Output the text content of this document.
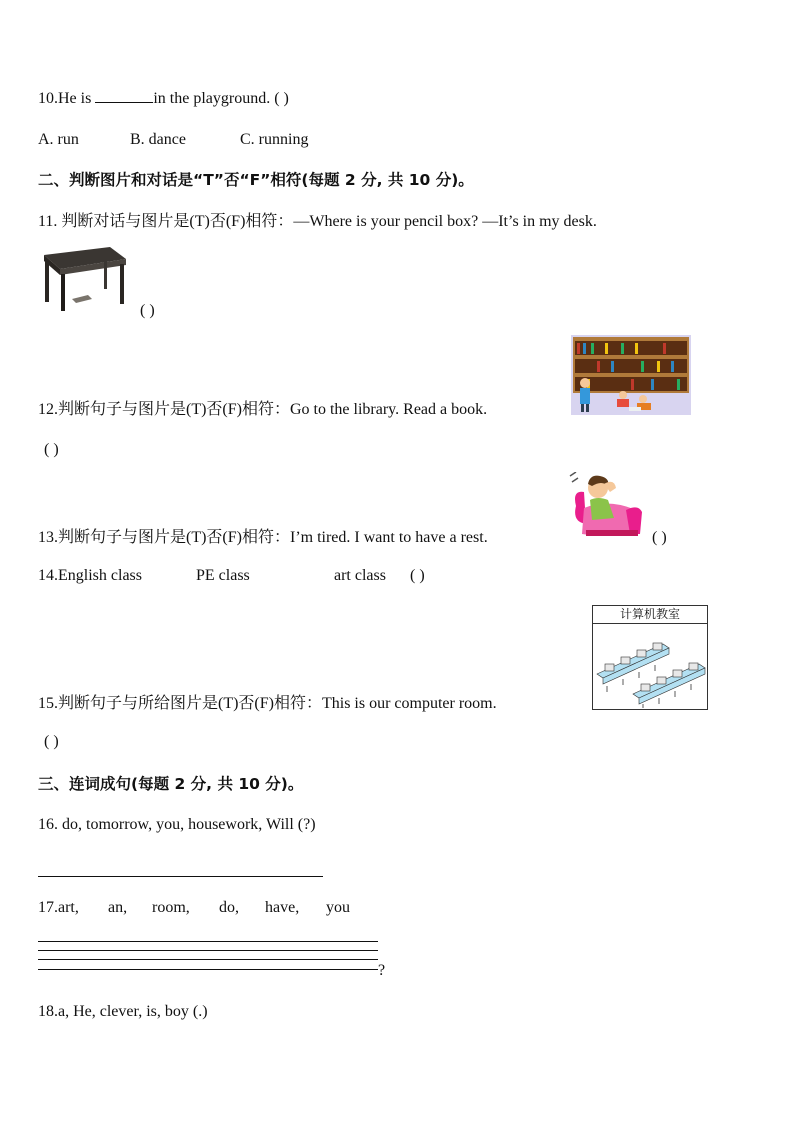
10.He is	in the playground. ( )
A. run	B. dance	C. running
二、判断图片和对话是“T”否“F”相符(每题 2 分, 共 10 分)。
11. 判断对话与图片是(T)否(F)相符：—Where is your pencil box? —It’s in my desk.
( )
12.判断句子与图片是(T)否(F)相符：Go to the library. Read a book.
( )
13.判断句子与图片是(T)否(F)相符：I’m tired. I want to have a rest.	( )
14.English class	PE class	art class ( )
计算机教室
15.判断句子与所给图片是(T)否(F)相符：This is our computer room.
( )
三、连词成句(每题 2 分, 共 10 分)。
16. do, tomorrow, you, housework, Will (?)
17.art, an, room, do, have, you
?
18.a, He, clever, is, boy (.)
